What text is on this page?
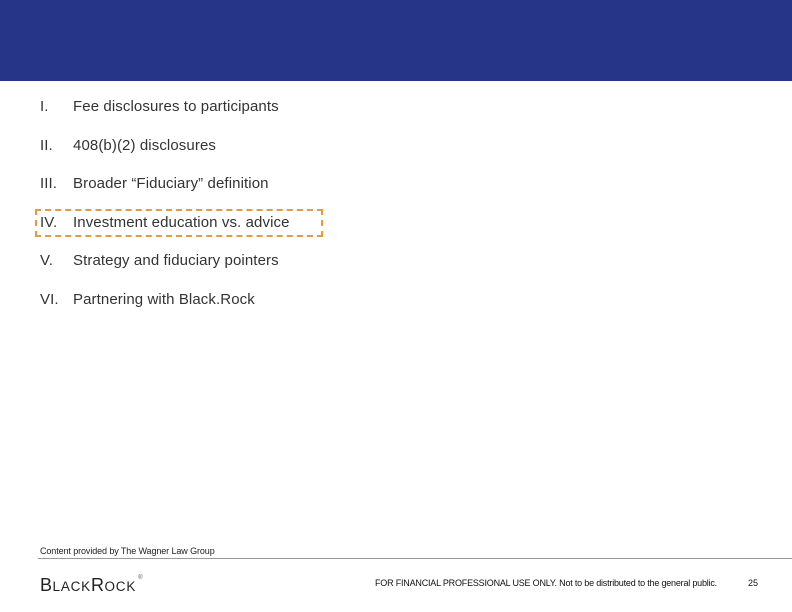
I.	Fee disclosures to participants
II.	408(b)(2) disclosures
III.	Broader “Fiduciary” definition
IV.	Investment education vs. advice
V.	Strategy and fiduciary pointers
VI. Partnering with Black.Rock
Content provided by The Wagner Law Group
BLACKROCK®	FOR FINANCIAL PROFESSIONAL USE ONLY. Not to be distributed to the general public.	25
